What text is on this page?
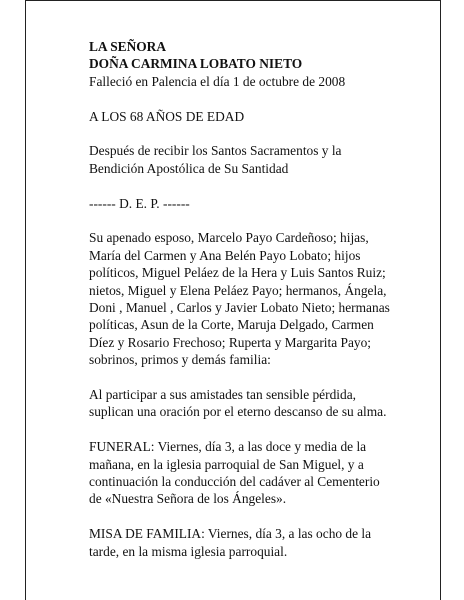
LA SEÑORA

DOÑA CARMINA LOBATO NIETO

Falleció en Palencia el día 1 de octubre de 2008

A LOS 68 AÑOS DE EDAD

Después de recibir los Santos Sacramentos y la
Bendición Apostólica de Su Santidad

------ D. E. P. ------

Su apenado esposo, Marcelo Payo Cardeñoso; hijas,
María del Carmen y Ana Belén Payo Lobato; hijos
políticos, Miguel Peláez de la Hera y Luis Santos Ruiz;
nietos, Miguel y Elena Peláez Payo; hermanos, Ángela,
Doni , Manuel , Carlos y Javier Lobato Nieto; hermanas
políticas, Asun de la Corte, Maruja Delgado, Carmen
Díez y Rosario Frechoso; Ruperta y Margarita Payo;
sobrinos, primos y demás familia:
Al participar a sus amistades tan sensible pérdida,
suplican una oración por el eterno descanso de su alma.
FUNERAL: Viernes, día 3, a las doce y media de la
mañana, en la iglesia parroquial de San Miguel, y a
continuación la conducción del cadáver al Cementerio
de «Nuestra Señora de los Ángeles».
MISA DE FAMILIA: Viernes, día 3, a las ocho de la
tarde, en la misma iglesia parroquial.
